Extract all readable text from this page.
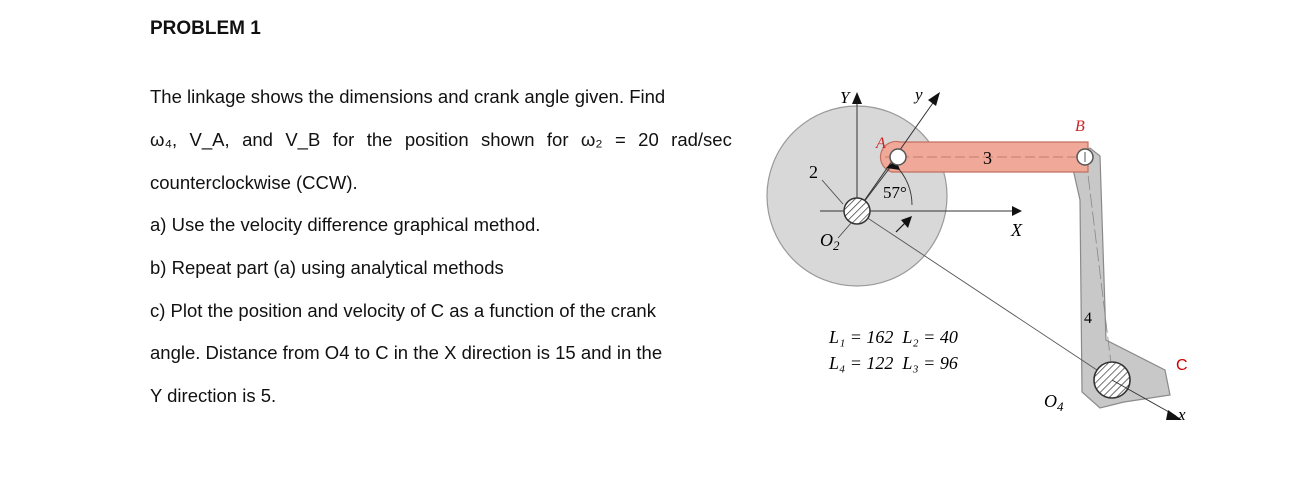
PROBLEM 1
The linkage shows the dimensions and crank angle given. Find
ω₄, V_A, and V_B for the position shown for ω₂ = 20 rad/sec
counterclockwise (CCW).
a) Use the velocity difference graphical method.
b) Repeat part (a) using analytical methods
c) Plot the position and velocity of C as a function of the crank
angle. Distance from O4 to C in the X direction is 15 and in the
Y direction is 5.
Y	y
X
A
B
C
2
3
4
57°
$O_2$
$O_4$	x
L₁ = 162  L₂ = 40
L₄ = 122  L₃ = 96
